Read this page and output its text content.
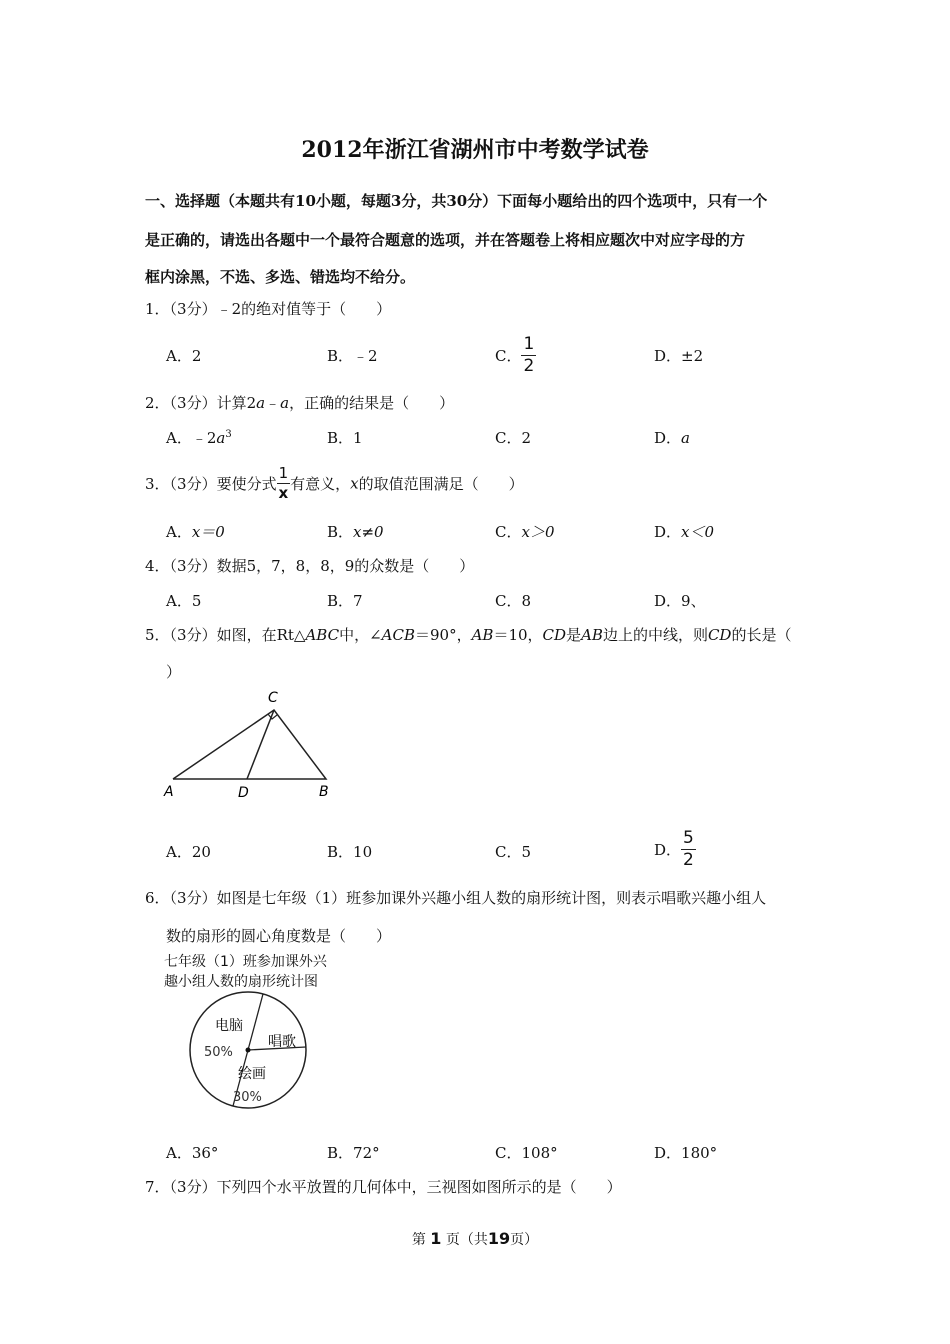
2012年浙江省湖州市中考数学试卷
一、选择题（本题共有10小题，每题3分，共30分）下面每小题给出的四个选项中，只有一个
是正确的，请选出各题中一个最符合题意的选项，并在答题卷上将相应题次中对应字母的方
框内涂黑，不选、多选、错选均不给分。
1．（3分）﹣2的绝对值等于（　　）
A．2	B．﹣2	C． $\frac{1}{2}$	D．±2
2．（3分）计算2a﹣a，正确的结果是（　　）
A．$﹣2a^3$	B．1	C．2	D．a
3．（3分）要使分式 $\frac{1}{x}$ 有意义，x的取值范围满足（　　）
A．x＝0	B．x≠0	C．x＞0	D．x＜0
4．（3分）数据5，7，8，8，9的众数是（　　）
A．5	B．7	C．8	D．9、
5．（3分）如图，在Rt△ABC中，∠ACB＝90°，AB＝10，CD是AB边上的中线，则CD的长是（
）
C
A	D	B
A．20	B．10	C．5	D． $\frac{5}{2}$
6．（3分）如图是七年级（1）班参加课外兴趣小组人数的扇形统计图，则表示唱歌兴趣小组人
数的扇形的圆心角度数是（　　）
七年级（1）班参加课外兴
趣小组人数的扇形统计图
电脑
50%
绘画
30%
唱歌
A．36°	B．72°	C．108°	D．180°
7．（3分）下列四个水平放置的几何体中，三视图如图所示的是（　　）
第 1 页（共19页）
